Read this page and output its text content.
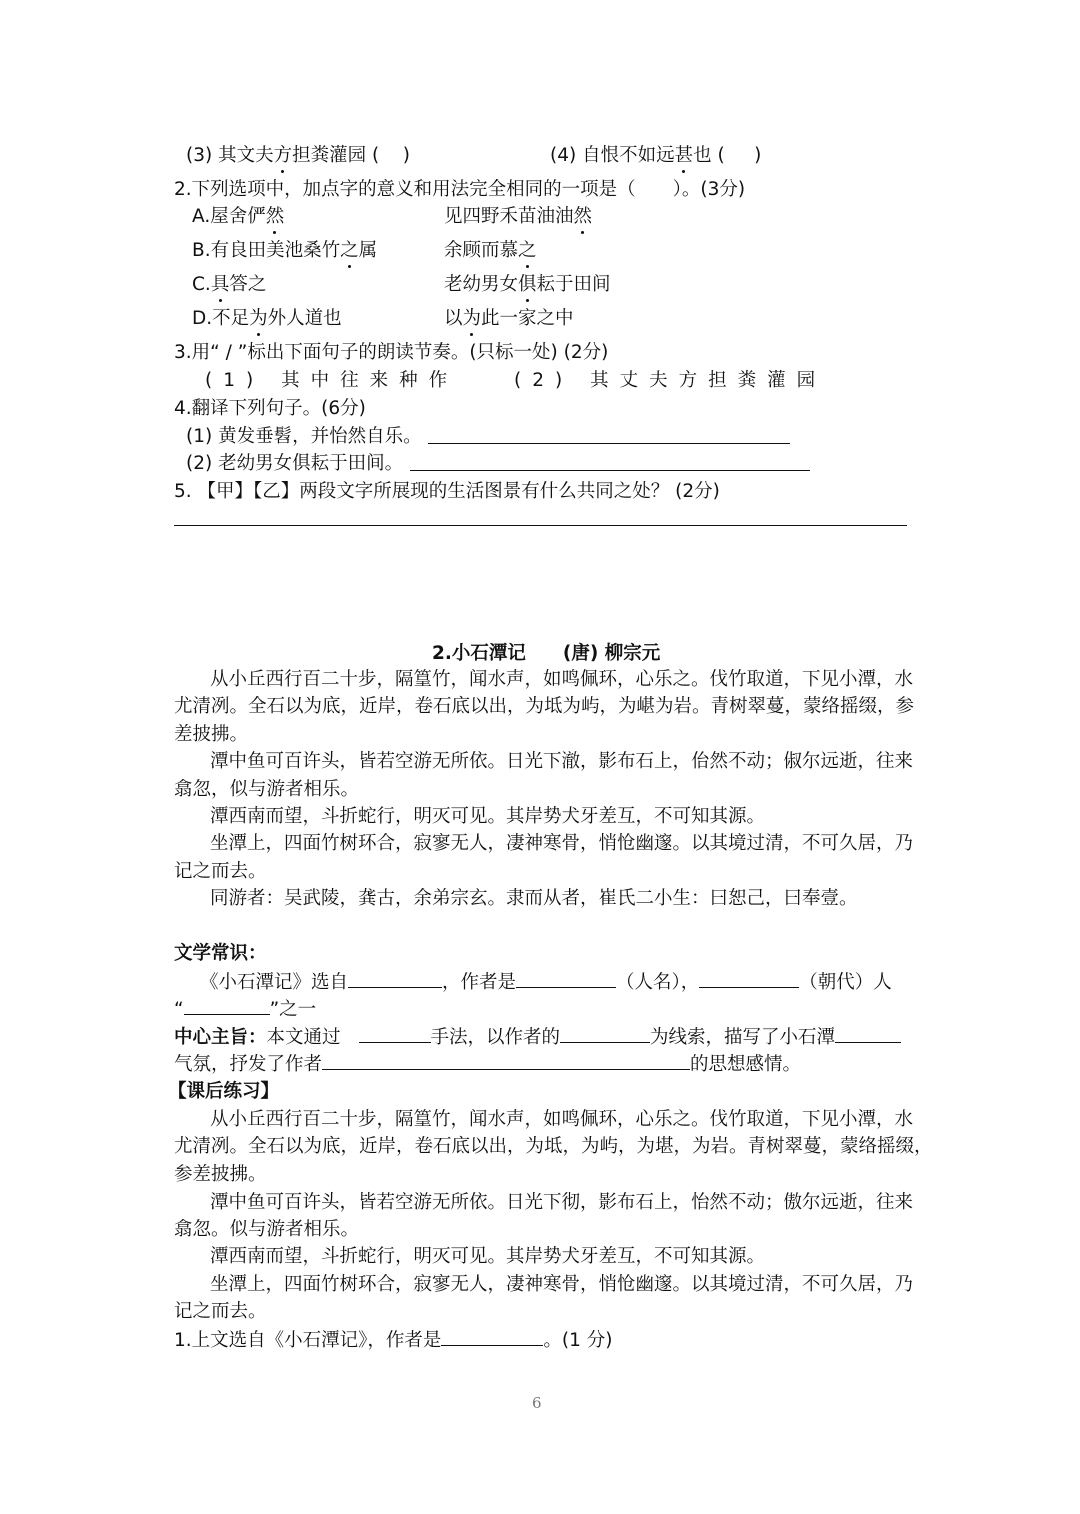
(3) 其文夫方担粪灌园 (    )	(4) 自恨不如远甚也 (     )
2.下列选项中，加点字的意义和用法完全相同的一项是（　　）。(3分)
A.屋舍俨然	见四野禾苗油油然
B.有良田美池桑竹之属	余顾而慕之
C.具答之	老幼男女俱耘于田间
D.不足为外人道也	以为此一家之中
3.用“ / ”标出下面句子的朗读节奏。(只标一处) (2分)
(1) 其中往来种作	(2) 其丈夫方担粪灌园
4.翻译下列句子。(6分)
(1) 黄发垂髫，并怡然自乐。
(2) 老幼男女俱耘于田间。
5. 【甲】【乙】两段文字所展现的生活图景有什么共同之处？ (2分)
2.小石潭记　　(唐) 柳宗元
从小丘西行百二十步，隔篁竹，闻水声，如鸣佩环，心乐之。伐竹取道，下见小潭，水
尤清冽。全石以为底，近岸，卷石底以出，为坻为屿，为嵁为岩。青树翠蔓，蒙络摇缀，参
差披拂。
潭中鱼可百许头，皆若空游无所依。日光下澈，影布石上，佁然不动；俶尔远逝，往来
翕忽，似与游者相乐。
潭西南而望，斗折蛇行，明灭可见。其岸势犬牙差互，不可知其源。
坐潭上，四面竹树环合，寂寥无人，凄神寒骨，悄怆幽邃。以其境过清，不可久居，乃
记之而去。
同游者：吴武陵，龚古，余弟宗玄。隶而从者，崔氏二小生：曰恕己，曰奉壹。
文学常识：
《小石潭记》选自	，作者是	（人名），	（朝代）人
“	”之一
中心主旨：本文通过	手法，以作者的	为线索，描写了小石潭
气氛，抒发了作者	的思想感情。
【课后练习】
从小丘西行百二十步，隔篁竹，闻水声，如鸣佩环，心乐之。伐竹取道，下见小潭，水
尤清冽。全石以为底，近岸，卷石底以出，为坻，为屿，为堪，为岩。青树翠蔓，蒙络摇缀，
参差披拂。
潭中鱼可百许头，皆若空游无所依。日光下彻，影布石上，怡然不动；傲尔远逝，往来
翕忽。似与游者相乐。
潭西南而望，斗折蛇行，明灭可见。其岸势犬牙差互，不可知其源。
坐潭上，四面竹树环合，寂寥无人，凄神寒骨，悄怆幽邃。以其境过清，不可久居，乃
记之而去。
1.上文选自《小石潭记》，作者是	。(1 分)
6
